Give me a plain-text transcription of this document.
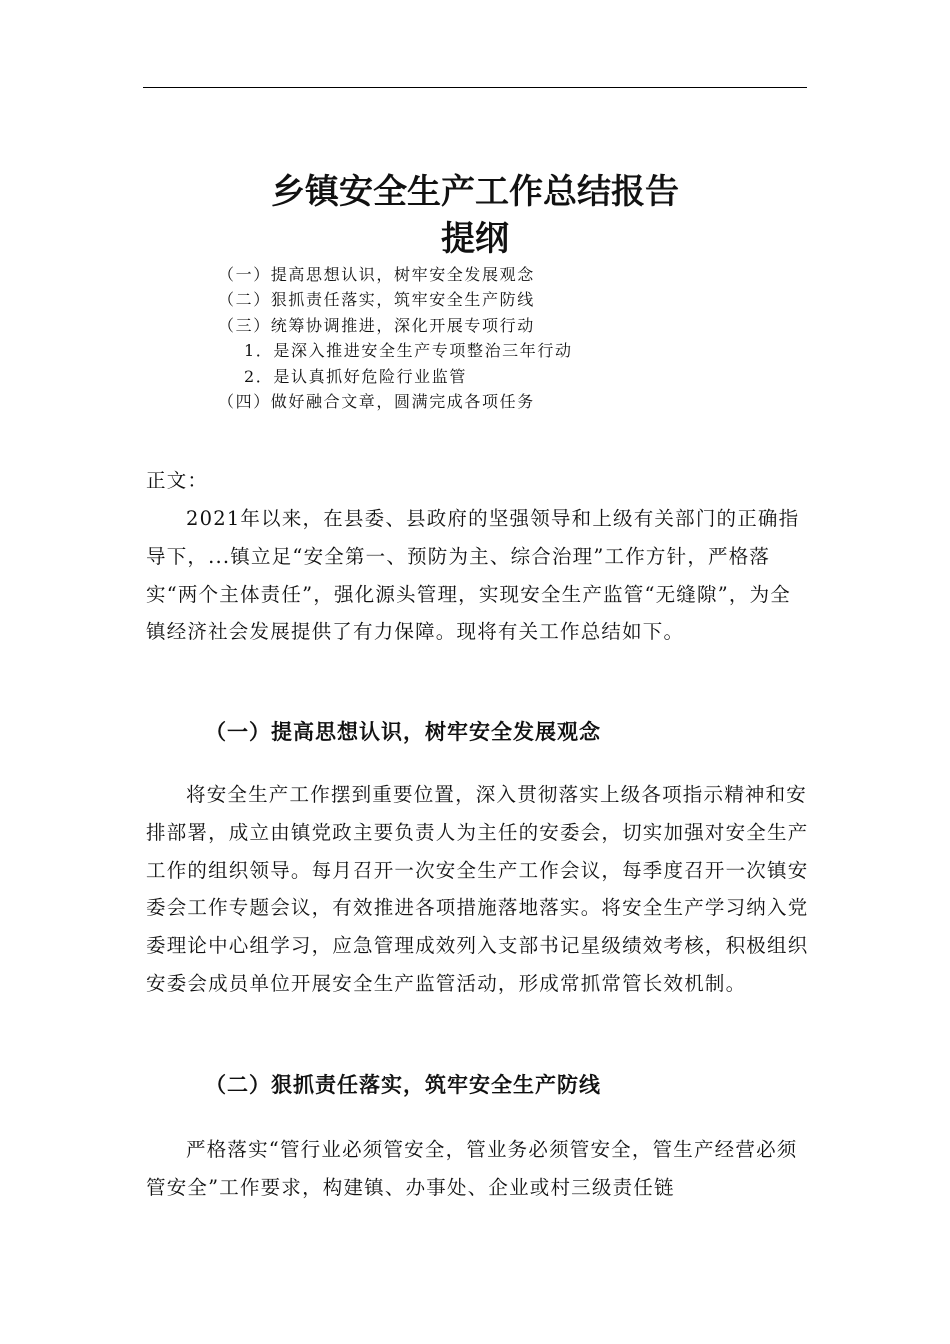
乡镇安全生产工作总结报告
提纲
（一）提高思想认识，树牢安全发展观念
（二）狠抓责任落实，筑牢安全生产防线
（三）统筹协调推进，深化开展专项行动
1．是深入推进安全生产专项整治三年行动
2．是认真抓好危险行业监管
（四）做好融合文章，圆满完成各项任务

正文：

2021年以来，在县委、县政府的坚强领导和上级有关部门的正确指导下，...镇立足“安全第一、预防为主、综合治理”工作方针，严格落实“两个主体责任”，强化源头管理，实现安全生产监管“无缝隙”，为全镇经济社会发展提供了有力保障。现将有关工作总结如下。

（一）提高思想认识，树牢安全发展观念

将安全生产工作摆到重要位置，深入贯彻落实上级各项指示精神和安排部署，成立由镇党政主要负责人为主任的安委会，切实加强对安全生产工作的组织领导。每月召开一次安全生产工作会议，每季度召开一次镇安委会工作专题会议，有效推进各项措施落地落实。将安全生产学习纳入党委理论中心组学习，应急管理成效列入支部书记星级绩效考核，积极组织安委会成员单位开展安全生产监管活动，形成常抓常管长效机制。

（二）狠抓责任落实，筑牢安全生产防线

严格落实“管行业必须管安全，管业务必须管安全，管生产经营必须管安全”工作要求，构建镇、办事处、企业或村三级责任链
